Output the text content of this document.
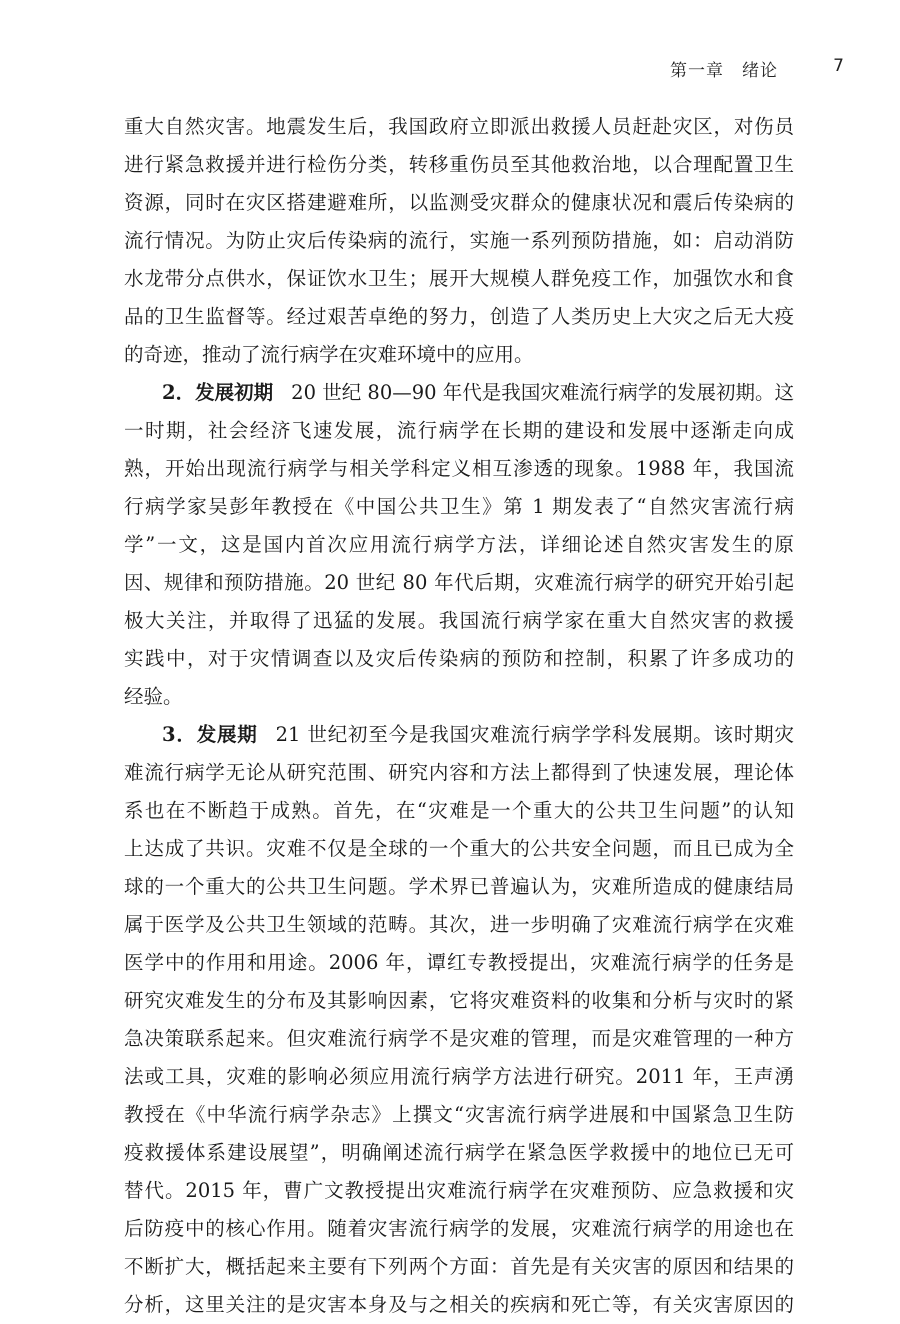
第一章　绪论	7
重大自然灾害。地震发生后，我国政府立即派出救援人员赶赴灾区，对伤员
进行紧急救援并进行检伤分类，转移重伤员至其他救治地，以合理配置卫生
资源，同时在灾区搭建避难所，以监测受灾群众的健康状况和震后传染病的
流行情况。为防止灾后传染病的流行，实施一系列预防措施，如：启动消防
水龙带分点供水，保证饮水卫生；展开大规模人群免疫工作，加强饮水和食
品的卫生监督等。经过艰苦卓绝的努力，创造了人类历史上大灾之后无大疫
的奇迹，推动了流行病学在灾难环境中的应用。
2．发展初期 20 世纪 80—90 年代是我国灾难流行病学的发展初期。这
一时期，社会经济飞速发展，流行病学在长期的建设和发展中逐渐走向成
熟，开始出现流行病学与相关学科定义相互渗透的现象。1988 年，我国流
行病学家吴彭年教授在《中国公共卫生》第 1 期发表了“自然灾害流行病
学”一文，这是国内首次应用流行病学方法，详细论述自然灾害发生的原
因、规律和预防措施。20 世纪 80 年代后期，灾难流行病学的研究开始引起
极大关注，并取得了迅猛的发展。我国流行病学家在重大自然灾害的救援
实践中，对于灾情调查以及灾后传染病的预防和控制，积累了许多成功的
经验。
3．发展期 21 世纪初至今是我国灾难流行病学学科发展期。该时期灾
难流行病学无论从研究范围、研究内容和方法上都得到了快速发展，理论体
系也在不断趋于成熟。首先，在“灾难是一个重大的公共卫生问题”的认知
上达成了共识。灾难不仅是全球的一个重大的公共安全问题，而且已成为全
球的一个重大的公共卫生问题。学术界已普遍认为，灾难所造成的健康结局
属于医学及公共卫生领域的范畴。其次，进一步明确了灾难流行病学在灾难
医学中的作用和用途。2006 年，谭红专教授提出，灾难流行病学的任务是
研究灾难发生的分布及其影响因素，它将灾难资料的收集和分析与灾时的紧
急决策联系起来。但灾难流行病学不是灾难的管理，而是灾难管理的一种方
法或工具，灾难的影响必须应用流行病学方法进行研究。2011 年，王声湧
教授在《中华流行病学杂志》上撰文“灾害流行病学进展和中国紧急卫生防
疫救援体系建设展望”，明确阐述流行病学在紧急医学救援中的地位已无可
替代。2015 年，曹广文教授提出灾难流行病学在灾难预防、应急救援和灾
后防疫中的核心作用。随着灾害流行病学的发展，灾难流行病学的用途也在
不断扩大，概括起来主要有下列两个方面：首先是有关灾害的原因和结果的
分析，这里关注的是灾害本身及与之相关的疾病和死亡等，有关灾害原因的
